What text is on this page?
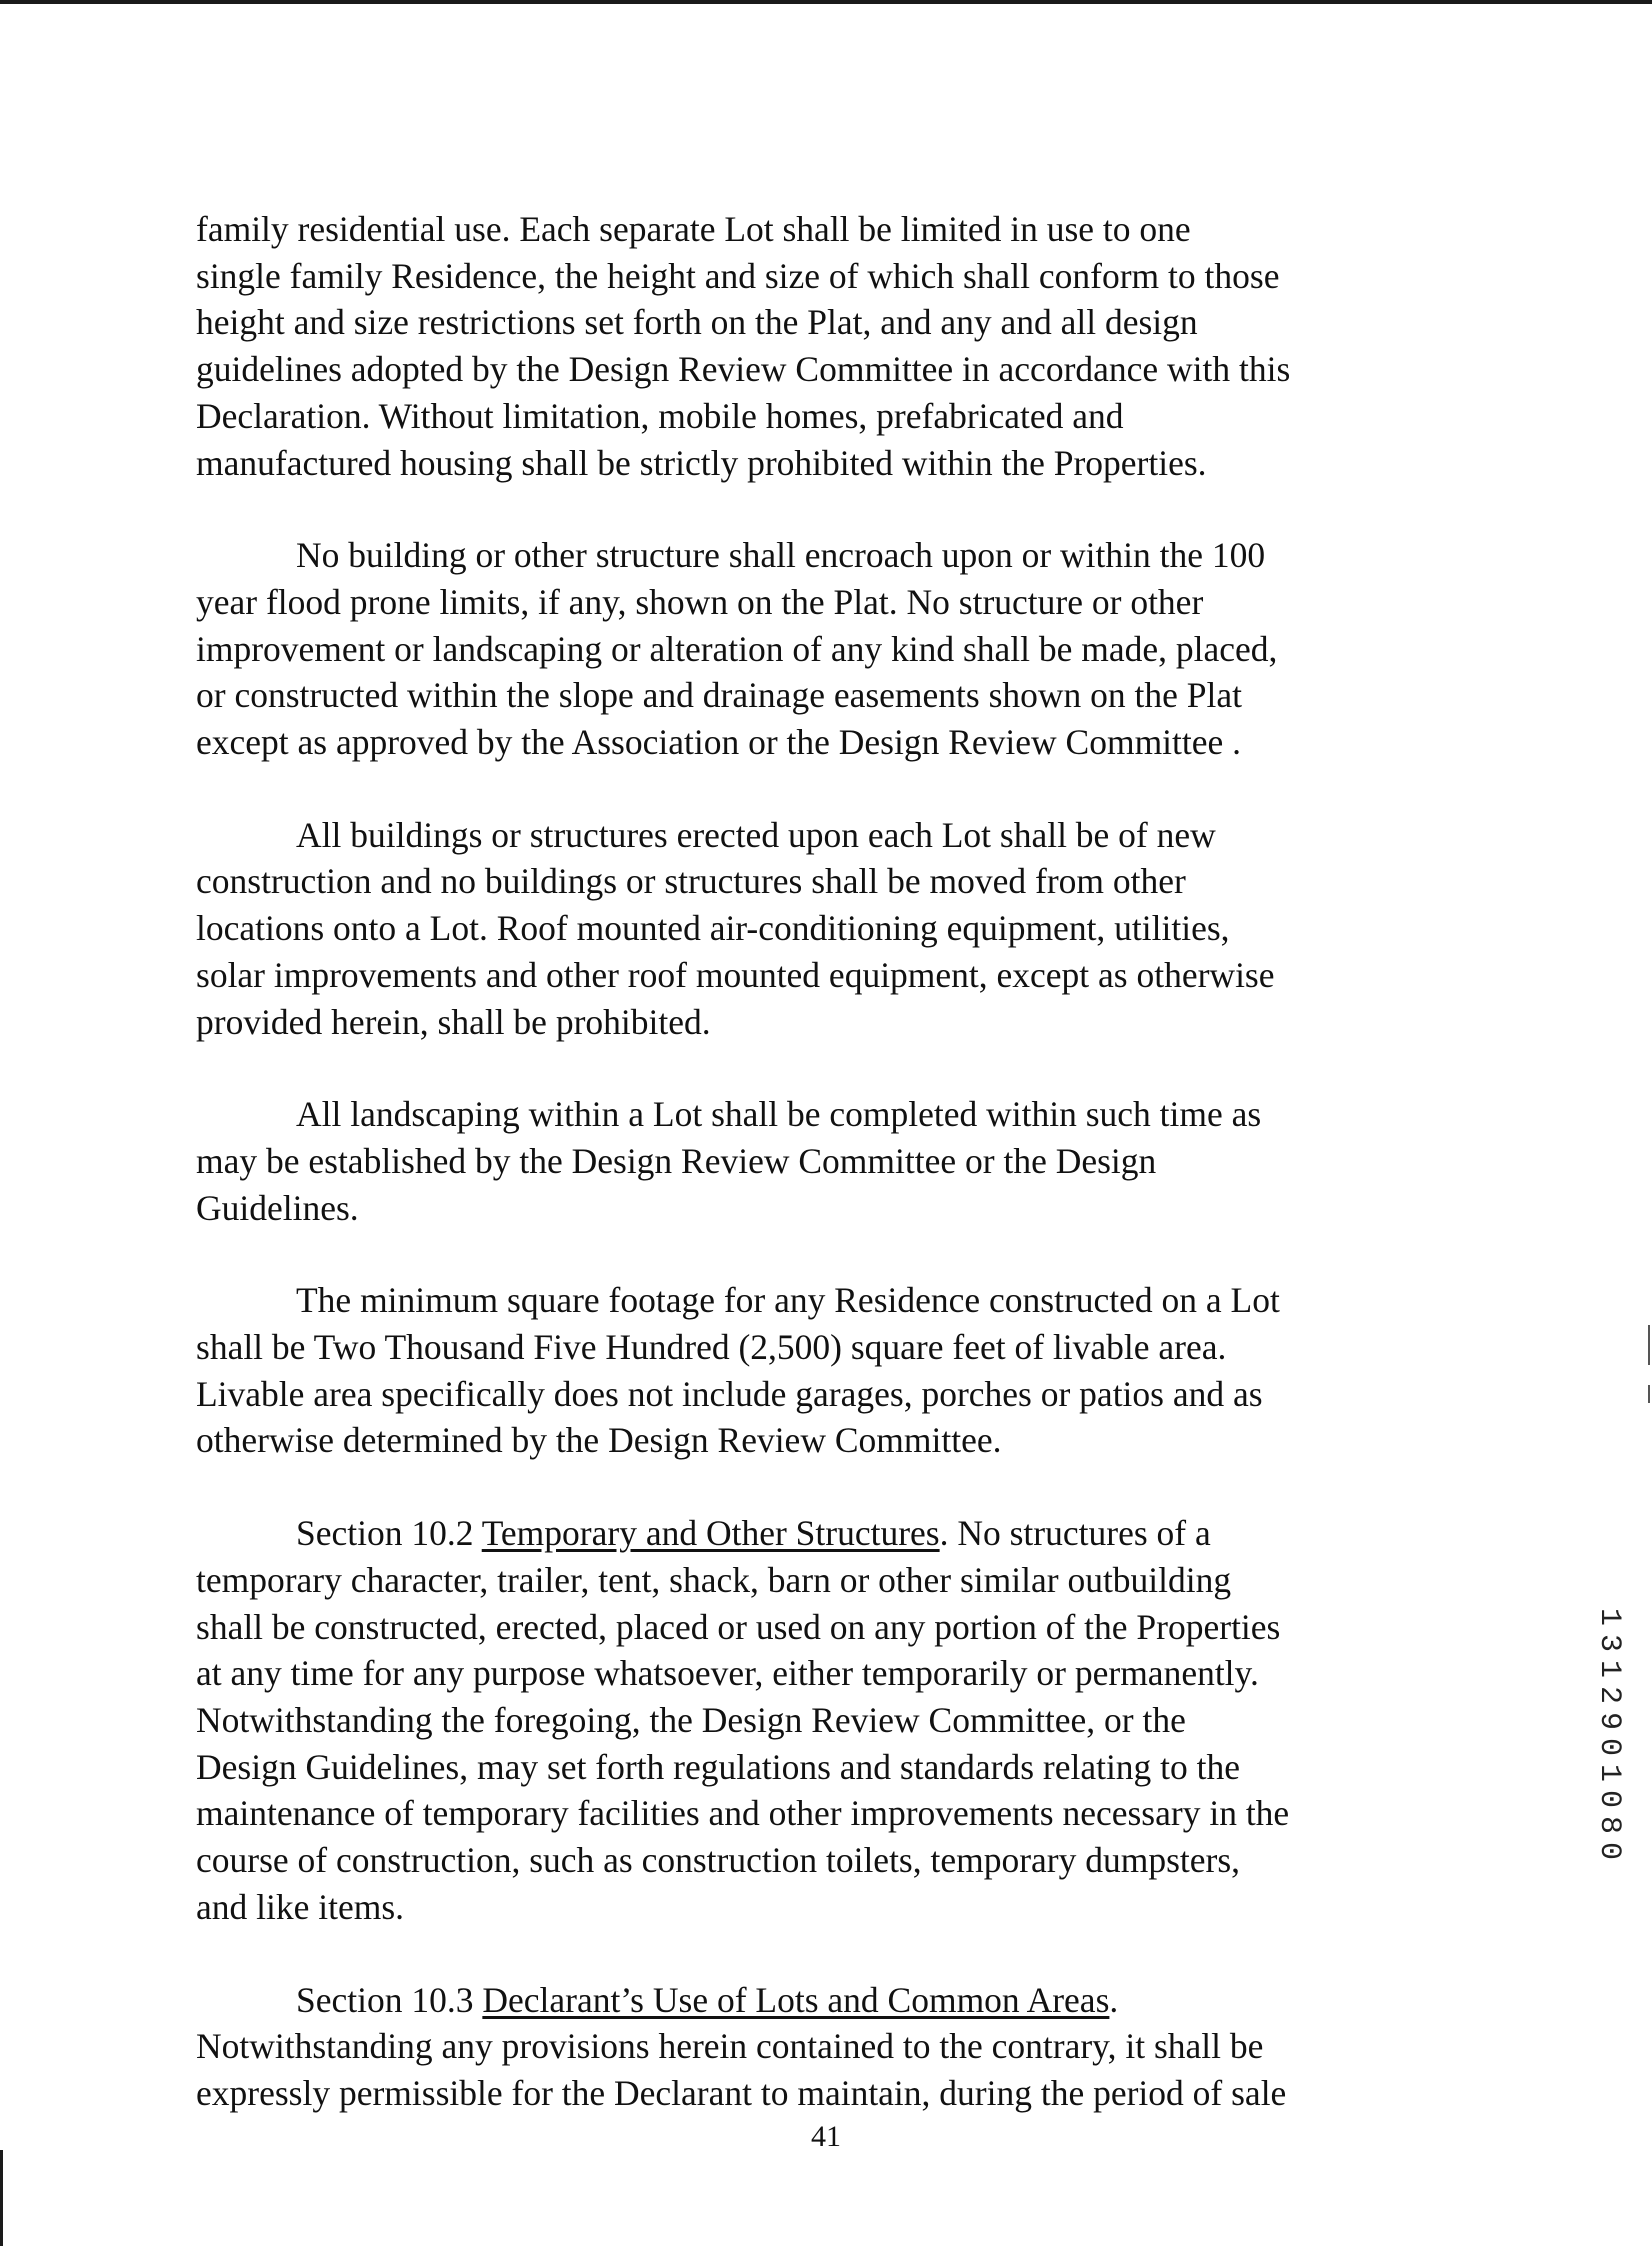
family residential use. Each separate Lot shall be limited in use to one
single family Residence, the height and size of which shall conform to those
height and size restrictions set forth on the Plat, and any and all design
guidelines adopted by the Design Review Committee in accordance with this
Declaration. Without limitation, mobile homes, prefabricated and
manufactured housing shall be strictly prohibited within the Properties.

No building or other structure shall encroach upon or within the 100
year flood prone limits, if any, shown on the Plat. No structure or other
improvement or landscaping or alteration of any kind shall be made, placed,
or constructed within the slope and drainage easements shown on the Plat
except as approved by the Association or the Design Review Committee .

All buildings or structures erected upon each Lot shall be of new
construction and no buildings or structures shall be moved from other
locations onto a Lot. Roof mounted air-conditioning equipment, utilities,
solar improvements and other roof mounted equipment, except as otherwise
provided herein, shall be prohibited.

All landscaping within a Lot shall be completed within such time as
may be established by the Design Review Committee or the Design
Guidelines.

The minimum square footage for any Residence constructed on a Lot
shall be Two Thousand Five Hundred (2,500) square feet of livable area.
Livable area specifically does not include garages, porches or patios and as
otherwise determined by the Design Review Committee.

Section 10.2 Temporary and Other Structures. No structures of a
temporary character, trailer, tent, shack, barn or other similar outbuilding
shall be constructed, erected, placed or used on any portion of the Properties
at any time for any purpose whatsoever, either temporarily or permanently.
Notwithstanding the foregoing, the Design Review Committee, or the
Design Guidelines, may set forth regulations and standards relating to the
maintenance of temporary facilities and other improvements necessary in the
course of construction, such as construction toilets, temporary dumpsters,
and like items.

Section 10.3 Declarant’s Use of Lots and Common Areas.
Notwithstanding any provisions herein contained to the contrary, it shall be
expressly permissible for the Declarant to maintain, during the period of sale

41
1
3
1
2
9
0
1
0
8
0
